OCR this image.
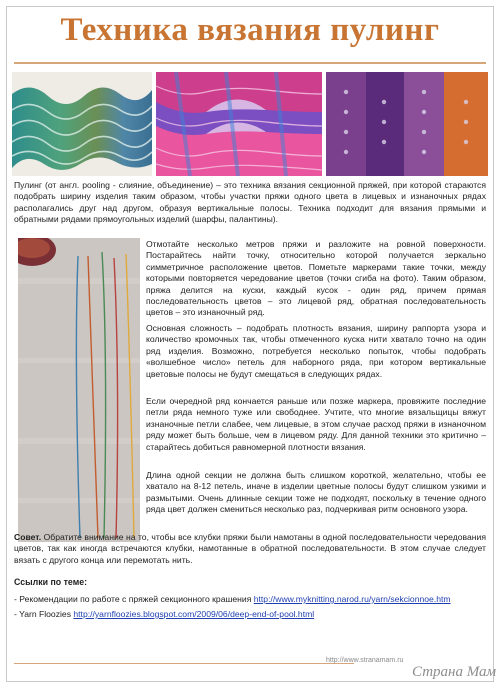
Техника вязания пулинг

Пулинг (от англ. pooling - слияние, объединение) – это техника вязания секционной пряжей, при которой стараются подобрать ширину изделия таким образом, чтобы участки пряжи одного цвета в лицевых и изнаночных рядах располагались друг над другом, образуя вертикальные полосы. Техника подходит для вязания прямыми и обратными рядами прямоугольных изделий (шарфы, палантины).

Отмотайте несколько метров пряжи и разложите на ровной поверхности. Постарайтесь найти точку, относительно которой получается зеркально симметричное расположение цветов. Пометьте маркерами такие точки, между которыми повторяется чередование цветов (точки сгиба на фото). Таким образом, пряжа делится на куски, каждый кусок - один ряд, причем прямая последовательность цветов – это лицевой ряд, обратная последовательность цветов – это изнаночный ряд.

Основная сложность – подобрать плотность вязания, ширину раппорта узора и количество кромочных так, чтобы отмеченного куска нити хватало точно на один ряд изделия. Возможно, потребуется несколько попыток, чтобы подобрать «волшебное число» петель для наборного ряда, при котором вертикальные цветовые полосы не будут смещаться в следующих рядах.

Если очередной ряд кончается раньше или позже маркера, провяжите последние петли ряда немного туже или свободнее. Учтите, что многие вязальщицы вяжут изнаночные петли слабее, чем лицевые, в этом случае расход пряжи в изнаночном ряду может быть больше, чем в лицевом ряду. Для данной техники это критично – старайтесь добиться равномерной плотности вязания.

Длина одной секции не должна быть слишком короткой, желательно, чтобы ее хватало на 8-12 петель, иначе в изделии цветные полосы будут слишком узкими и размытыми. Очень длинные секции тоже не подходят, поскольку в течение одного ряда цвет должен смениться несколько раз, подчеркивая ритм основного узора.

Совет. Обратите внимание на то, чтобы все клубки пряжи были намотаны в одной последовательности чередования цветов, так как иногда встречаются клубки, намотанные в обратной последовательности. В этом случае следует вязать с другого конца или перемотать нить.

Ссылки по теме:
- Рекомендации по работе с пряжей секционного крашения http://www.myknitting.narod.ru/yarn/sekcionnoe.htm
- Yarn Floozies http://yarnfloozies.blogspot.com/2009/06/deep-end-of-pool.html
http://www.stranamam.ru
Страна Мам
